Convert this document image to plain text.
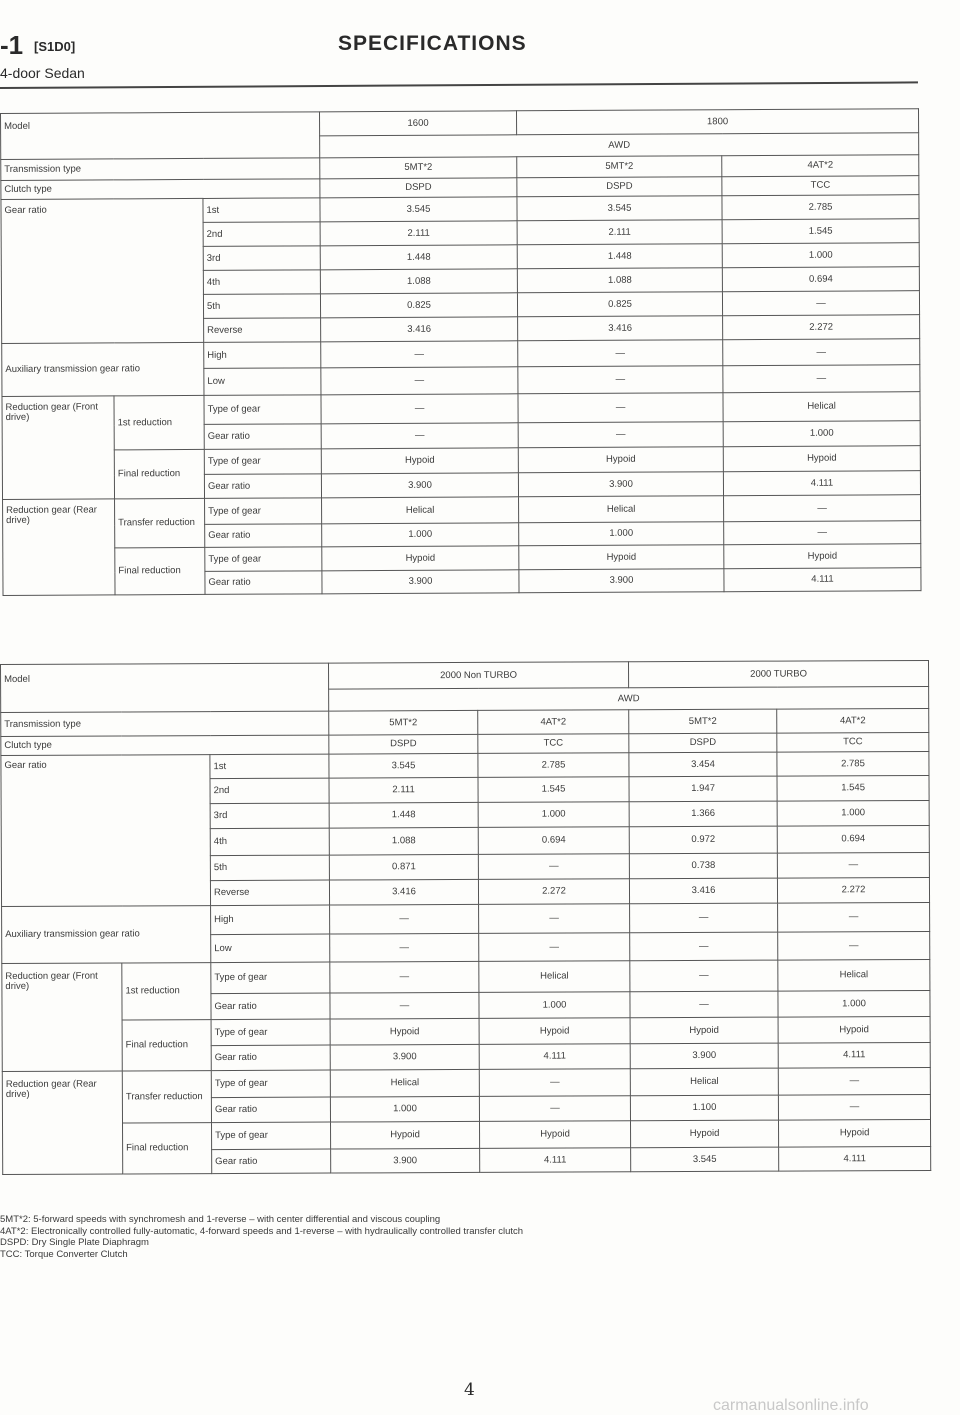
-1 [S1D0]	SPECIFICATIONS
4-door Sedan
Model			1600	1800	
			AWD		
Transmission type			5MT*2	5MT*2	4AT*2
Clutch type			DSPD	DSPD	TCC
Gear ratio		1st	3.545	3.545	2.785
		2nd	2.111	2.111	1.545
		3rd	1.448	1.448	1.000
		4th	1.088	1.088	0.694
		5th	0.825	0.825	—
		Reverse	3.416	3.416	2.272
Auxiliary transmission gear ratio		High	—	—	—
		Low	—	—	—
Reduction gear (Front drive)	1st reduction	Type of gear	—	—	Helical
		Gear ratio	—	—	1.000
	Final reduction	Type of gear	Hypoid	Hypoid	Hypoid
		Gear ratio	3.900	3.900	4.111
Reduction gear (Rear drive)	Transfer reduction	Type of gear	Helical	Helical	—
		Gear ratio	1.000	1.000	—
	Final reduction	Type of gear	Hypoid	Hypoid	Hypoid
		Gear ratio	3.900	3.900	4.111
Model			2000 Non TURBO		2000 TURBO	
			AWD			
Transmission type			5MT*2	4AT*2	5MT*2	4AT*2
Clutch type			DSPD	TCC	DSPD	TCC
Gear ratio		1st	3.545	2.785	3.454	2.785
		2nd	2.111	1.545	1.947	1.545
		3rd	1.448	1.000	1.366	1.000
		4th	1.088	0.694	0.972	0.694
		5th	0.871	—	0.738	—
		Reverse	3.416	2.272	3.416	2.272
Auxiliary transmission gear ratio		High	—	—	—	—
		Low	—	—	—	—
Reduction gear (Front drive)	1st reduction	Type of gear	—	Helical	—	Helical
		Gear ratio	—	1.000	—	1.000
	Final reduction	Type of gear	Hypoid	Hypoid	Hypoid	Hypoid
		Gear ratio	3.900	4.111	3.900	4.111
Reduction gear (Rear drive)	Transfer reduction	Type of gear	Helical	—	Helical	—
		Gear ratio	1.000	—	1.100	—
	Final reduction	Type of gear	Hypoid	Hypoid	Hypoid	Hypoid
		Gear ratio	3.900	4.111	3.545	4.111
5MT*2: 5-forward speeds with synchromesh and 1-reverse – with center differential and viscous coupling
4AT*2: Electronically controlled fully-automatic, 4-forward speeds and 1-reverse – with hydraulically controlled transfer clutch
DSPD: Dry Single Plate Diaphragm
TCC: Torque Converter Clutch
4
carmanualsonline.info
